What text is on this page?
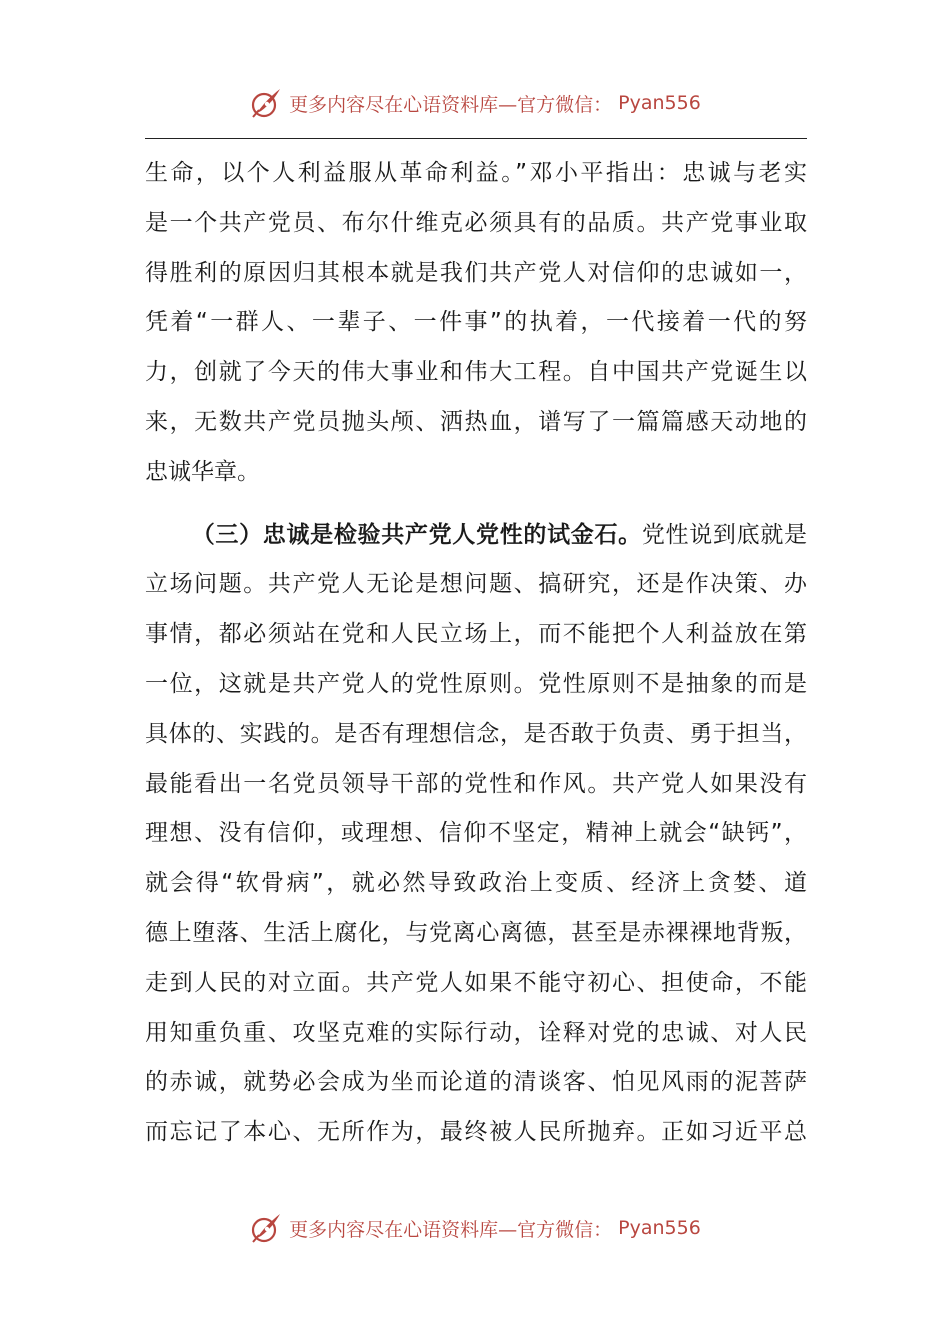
更多内容尽在心语资料库—官方微信： Pyan556
生命，以个人利益服从革命利益。”邓小平指出：忠诚与老实
是一个共产党员、布尔什维克必须具有的品质。共产党事业取
得胜利的原因归其根本就是我们共产党人对信仰的忠诚如一，
凭着“一群人、一辈子、一件事”的执着，一代接着一代的努
力，创就了今天的伟大事业和伟大工程。自中国共产党诞生以
来，无数共产党员抛头颅、洒热血，谱写了一篇篇感天动地的
忠诚华章。
（三）忠诚是检验共产党人党性的试金石。党性说到底就是
立场问题。共产党人无论是想问题、搞研究，还是作决策、办
事情，都必须站在党和人民立场上，而不能把个人利益放在第
一位，这就是共产党人的党性原则。党性原则不是抽象的而是
具体的、实践的。是否有理想信念，是否敢于负责、勇于担当，
最能看出一名党员领导干部的党性和作风。共产党人如果没有
理想、没有信仰，或理想、信仰不坚定，精神上就会“缺钙”，
就会得“软骨病”，就必然导致政治上变质、经济上贪婪、道
德上堕落、生活上腐化，与党离心离德，甚至是赤裸裸地背叛，
走到人民的对立面。共产党人如果不能守初心、担使命，不能
用知重负重、攻坚克难的实际行动，诠释对党的忠诚、对人民
的赤诚，就势必会成为坐而论道的清谈客、怕见风雨的泥菩萨
而忘记了本心、无所作为，最终被人民所抛弃。正如习近平总
更多内容尽在心语资料库—官方微信： Pyan556
